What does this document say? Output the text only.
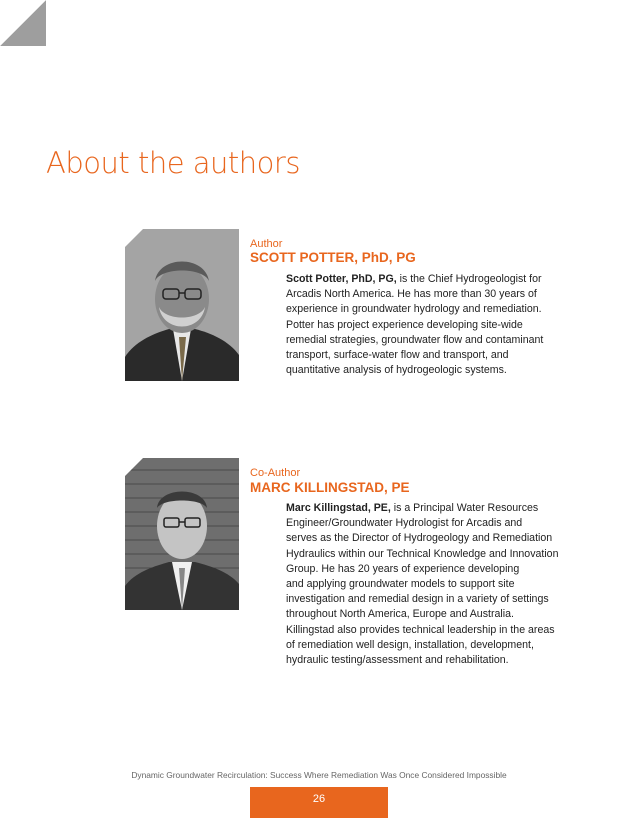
About the authors
Author
SCOTT POTTER, PhD, PG

Scott Potter, PhD, PG, is the Chief Hydrogeologist for
Arcadis North America. He has more than 30 years of
experience in groundwater hydrology and remediation.
Potter has project experience developing site-wide
remedial strategies, groundwater flow and contaminant
transport, surface-water flow and transport, and
quantitative analysis of hydrogeologic systems.

Co-Author
MARC KILLINGSTAD, PE

Marc Killingstad, PE, is a Principal Water Resources
Engineer/Groundwater Hydrologist for Arcadis and
serves as the Director of Hydrogeology and Remediation
Hydraulics within our Technical Knowledge and Innovation
Group. He has 20 years of experience developing
and applying groundwater models to support site
investigation and remedial design in a variety of settings
throughout North America, Europe and Australia.
Killingstad also provides technical leadership in the areas
of remediation well design, installation, development,
hydraulic testing/assessment and rehabilitation.

Dynamic Groundwater Recirculation: Success Where Remediation Was Once Considered Impossible
26
